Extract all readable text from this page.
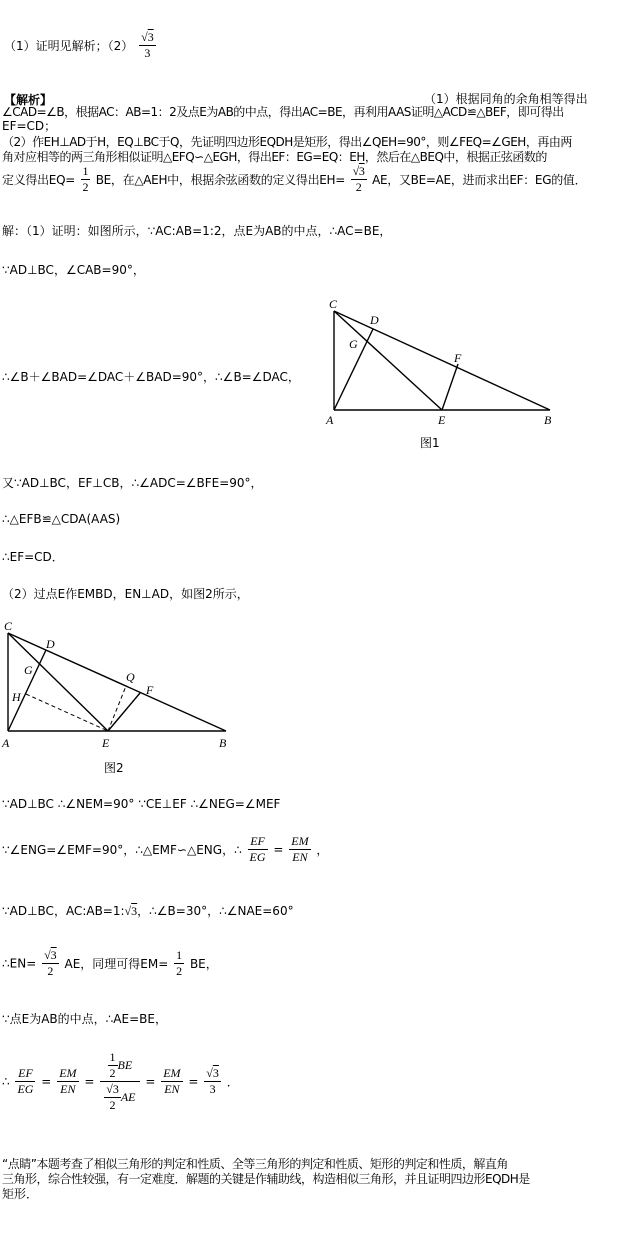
（1）证明见解析；$(2) \frac{√3}{3}$
【解析】	（1）根据同角的余角相等得出
∠CAD=∠B，根据AC：AB=1：2及点E为AB的中点，得出AC=BE，再利用AAS证明△ACD≌△BEF，即可得出
EF=CD；
（2）作EH⊥AD于H，EQ⊥BC于Q，先证明四边形EQDH是矩形，得出∠QEH=90°，则∠FEQ=∠GEH，再由两
角对应相等的两三角形相似证明△EFQ∽△EGH，得出EF：EG=EQ：EH，然后在△BEQ中，根据正弦函数的
定义得出$EQ= \frac{1}{2}$ BE，在△AEH中，根据余弦函数的定义得出$EH= \frac{√3}{2}$ AE，又BE=AE，进而求出EF：EG的值．
解：（1）证明：如图所示，∵AC:AB=1:2，点E为AB的中点，∴AC=BE，
∵AD⊥BC，∠CAB=90°，
∴∠B＋∠BAD=∠DAC＋∠BAD=90°，∴∠B=∠DAC，
C
D
G
F
A	E	B
图1
又∵AD⊥BC，EF⊥CB，∴∠ADC=∠BFE=90°，
∴△EFB≌△CDA(AAS)
∴EF=CD．
（2）过点E作EMBD，EN⊥AD，如图2所示，
C
D
G
H
Q
F
A	E	B
图2
∵AD⊥BC ∴∠NEM=90° ∵CE⊥EF ∴∠NEG=∠MEF
∵∠ENG=∠EMF=90°，∴△EMF∽△ENG，∴ $\frac{EF}{EG} = \frac{EM}{EN}$ ，
∵AD⊥BC，AC:AB=1:√3，∴∠B=30°，∴∠NAE=60°
∴EN= $\frac{√3}{2}$ AE，同理可得$EM= \frac{1}{2}$ BE，
∵点E为AB的中点，∴AE=BE，
∴ $\frac{EF}{EG} = \frac{EM}{EN} = \frac{\frac{1}{2} BE}{\frac{√3}{2} AE} = \frac{EM}{EN} = \frac{√3}{3}$ ．
“点睛”本题考查了相似三角形的判定和性质、全等三角形的判定和性质、矩形的判定和性质，解直角
三角形，综合性较强，有一定难度．解题的关键是作辅助线，构造相似三角形，并且证明四边形EQDH是
矩形．
